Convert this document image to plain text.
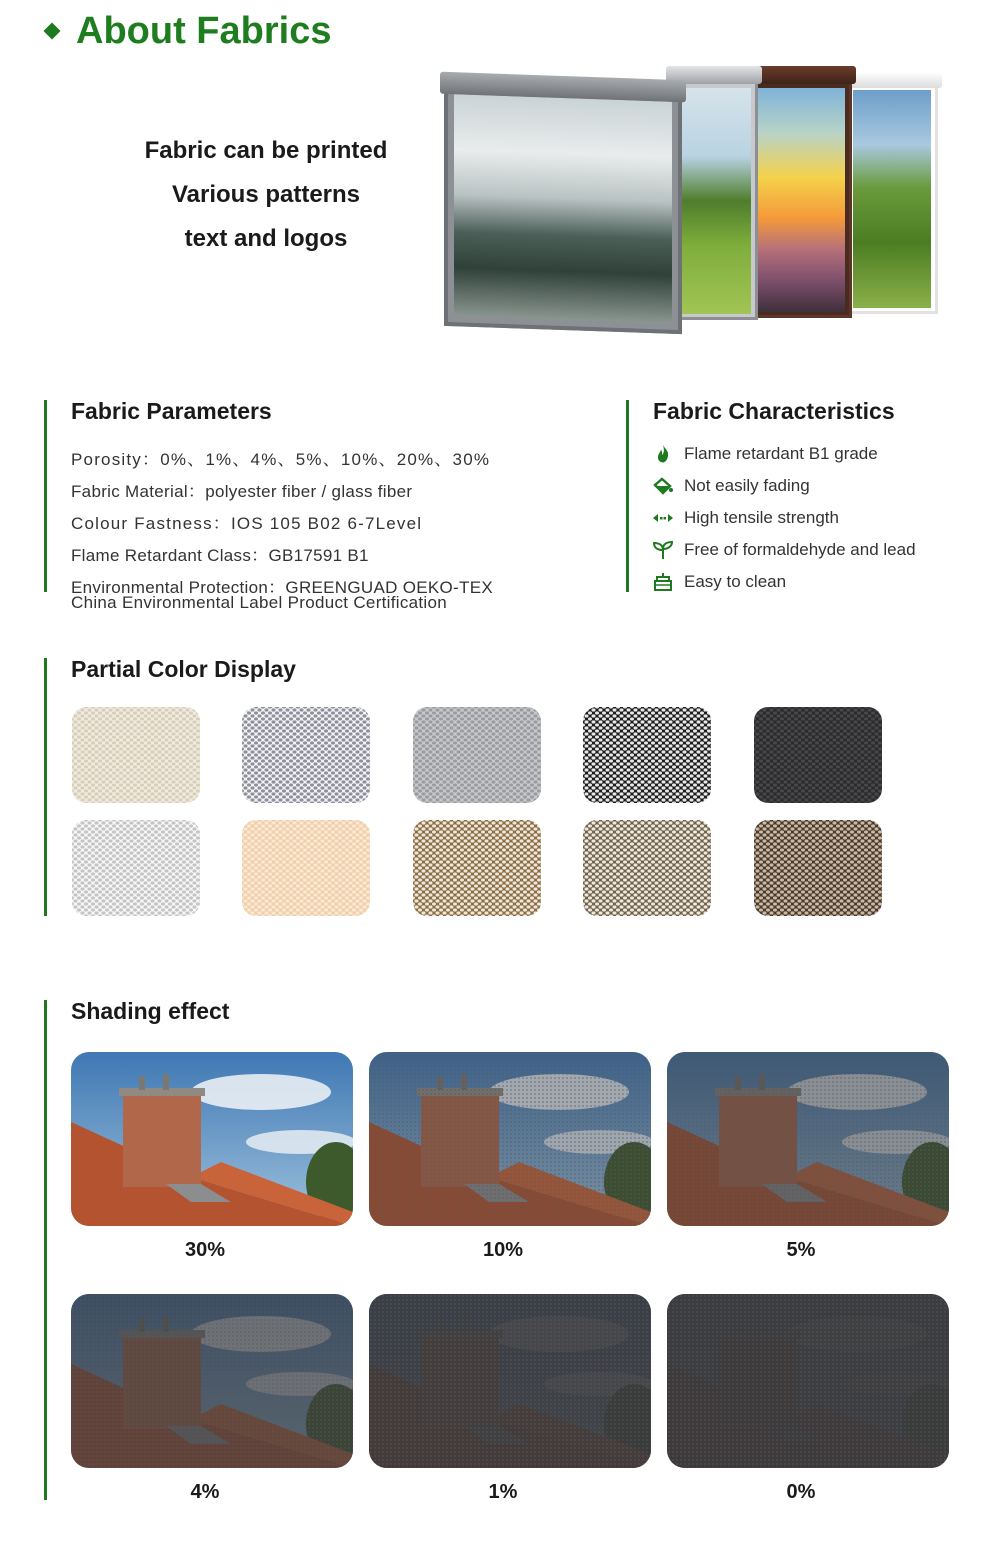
About Fabrics
Fabric can be printed
Various patterns
text and logos
Fabric Parameters
Porosity：0%、1%、4%、5%、10%、20%、30%
Fabric Material：polyester fiber / glass fiber
Colour Fastness：IOS 105 B02 6-7Level
Flame Retardant Class：GB17591 B1
Environmental Protection：GREENGUAD OEKO-TEX
China Environmental Label Product Certification
Fabric Characteristics
Flame retardant B1 grade
Not easily fading
High tensile strength
Free of formaldehyde and lead
Easy to clean
Partial Color Display
Shading effect
30%	10%	5%
4%	1%	0%
